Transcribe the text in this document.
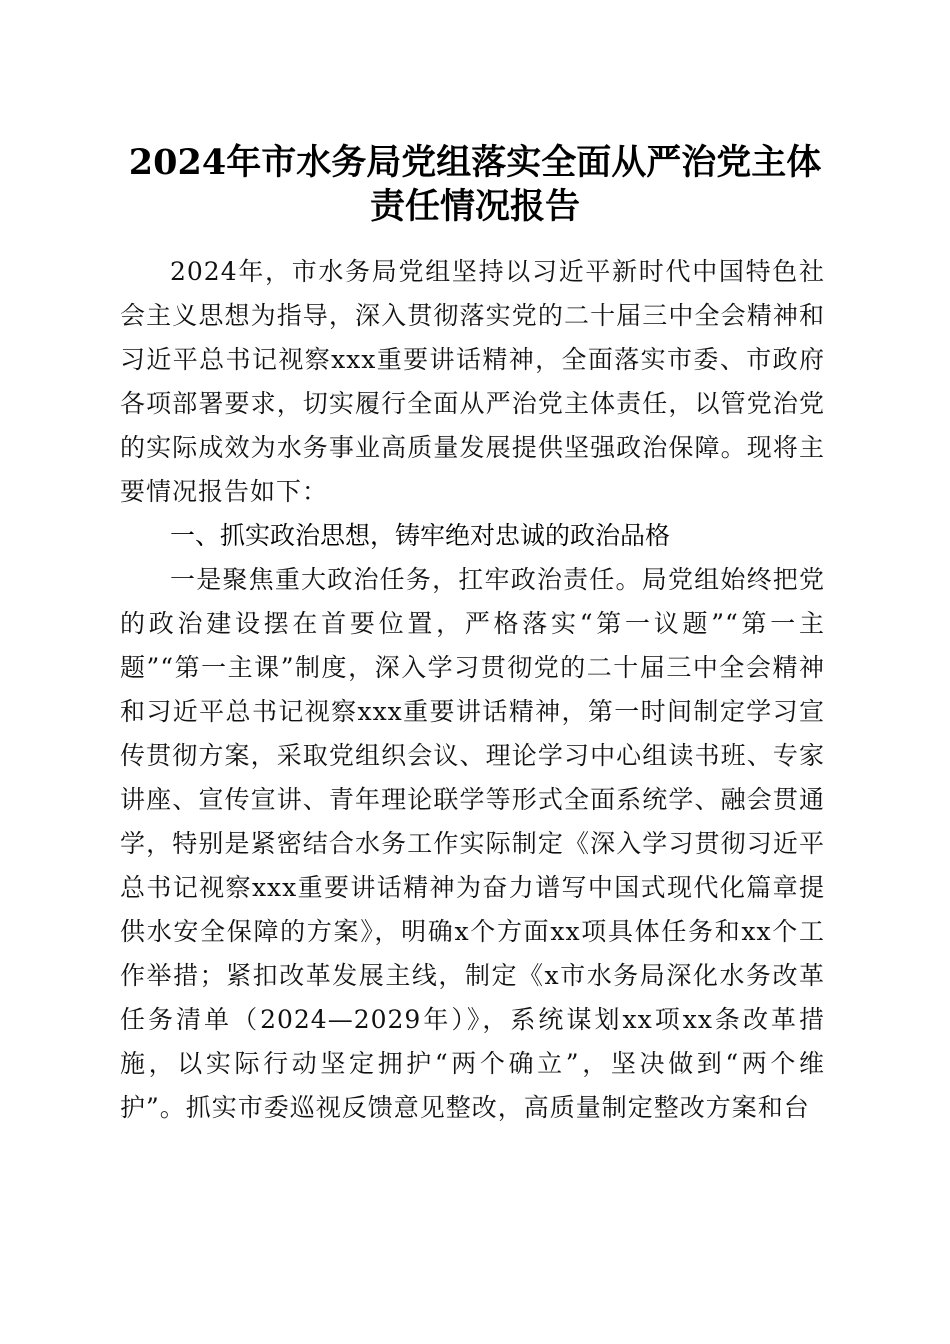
2024年市水务局党组落实全面从严治党主体
责任情况报告

2024年，市水务局党组坚持以习近平新时代中国特色社会主义思想为指导，深入贯彻落实党的二十届三中全会精神和习近平总书记视察xxx重要讲话精神，全面落实市委、市政府各项部署要求，切实履行全面从严治党主体责任，以管党治党的实际成效为水务事业高质量发展提供坚强政治保障。现将主要情况报告如下：

一、抓实政治思想，铸牢绝对忠诚的政治品格

一是聚焦重大政治任务，扛牢政治责任。局党组始终把党的政治建设摆在首要位置，严格落实“第一议题”“第一主题”“第一主课”制度，深入学习贯彻党的二十届三中全会精神和习近平总书记视察xxx重要讲话精神，第一时间制定学习宣传贯彻方案，采取党组织会议、理论学习中心组读书班、专家讲座、宣传宣讲、青年理论联学等形式全面系统学、融会贯通学，特别是紧密结合水务工作实际制定《深入学习贯彻习近平总书记视察xxx重要讲话精神为奋力谱写中国式现代化篇章提供水安全保障的方案》，明确x个方面xx项具体任务和xx个工作举措；紧扣改革发展主线，制定《x市水务局深化水务改革任务清单（2024—2029年）》，系统谋划xx项xx条改革措施，以实际行动坚定拥护“两个确立”，坚决做到“两个维护”。抓实市委巡视反馈意见整改，高质量制定整改方案和台
